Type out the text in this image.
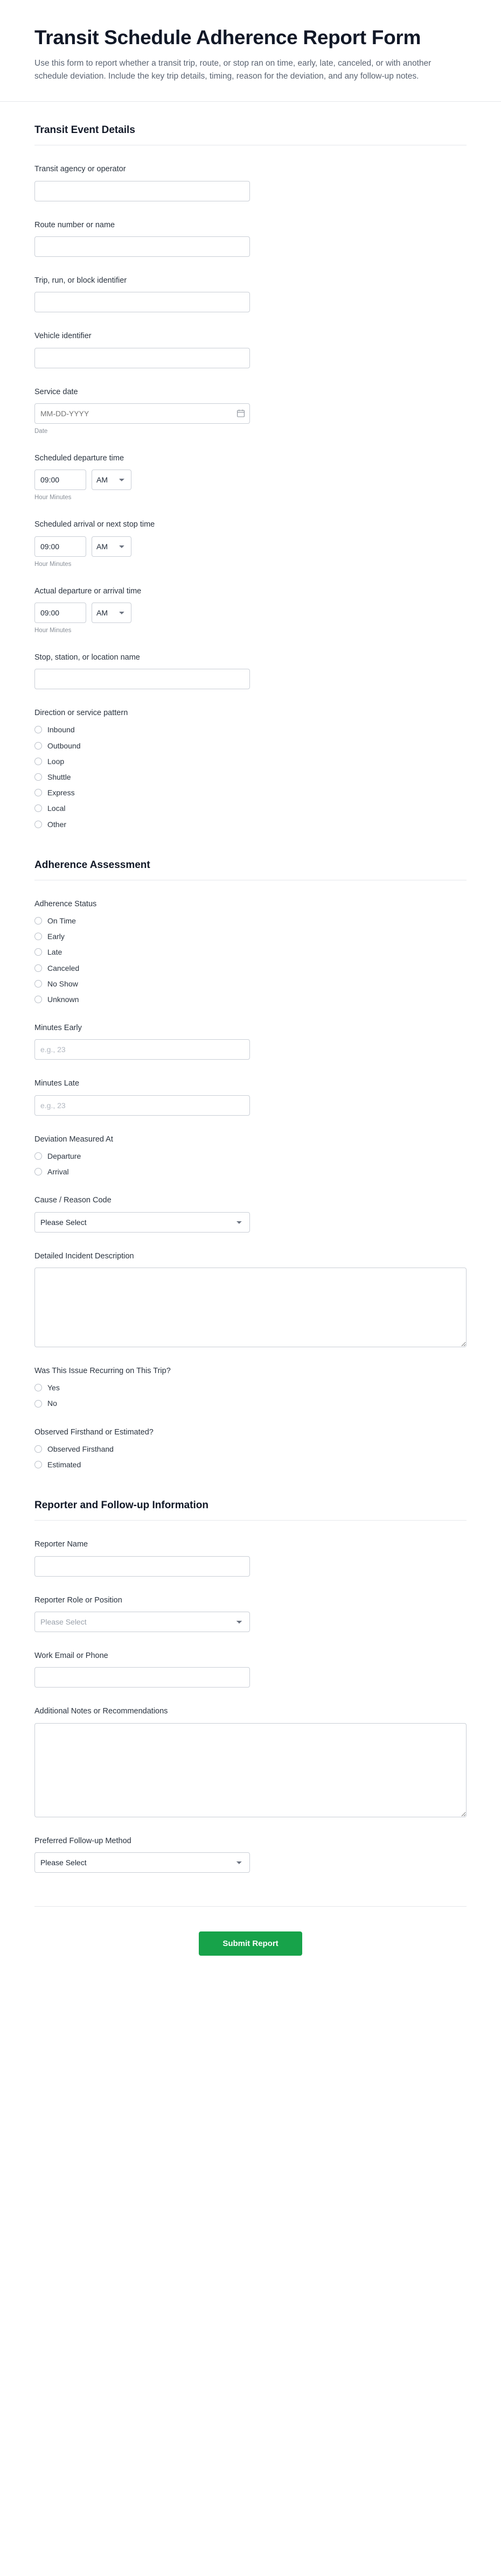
Transit Schedule Adherence Report Form

Use this form to report whether a transit trip, route, or stop ran on time, early, late, canceled, or with another schedule deviation. Include the key trip details, timing, reason for the deviation, and any follow-up notes.

Transit Event Details
Transit agency or operator
Route number or name
Trip, run, or block identifier
Vehicle identifier
Service date
MM-DD-YYYY
Date
Scheduled departure time
09:00
AM
Hour Minutes
Scheduled arrival or next stop time
09:00
AM
Hour Minutes
Actual departure or arrival time
09:00
AM
Hour Minutes
Stop, station, or location name
Direction or service pattern
Inbound
Outbound
Loop
Shuttle
Express
Local
Other
Adherence Assessment
Adherence Status
On Time
Early
Late
Canceled
No Show
Unknown
Minutes Early
e.g., 23
Minutes Late
e.g., 23
Deviation Measured At
Departure
Arrival
Cause / Reason Code
Please Select
Detailed Incident Description
Was This Issue Recurring on This Trip?
Yes
No
Observed Firsthand or Estimated?
Observed Firsthand
Estimated
Reporter and Follow-up Information
Reporter Name
Reporter Role or Position
Please Select
Work Email or Phone
Additional Notes or Recommendations
Preferred Follow-up Method
Please Select
Submit Report
